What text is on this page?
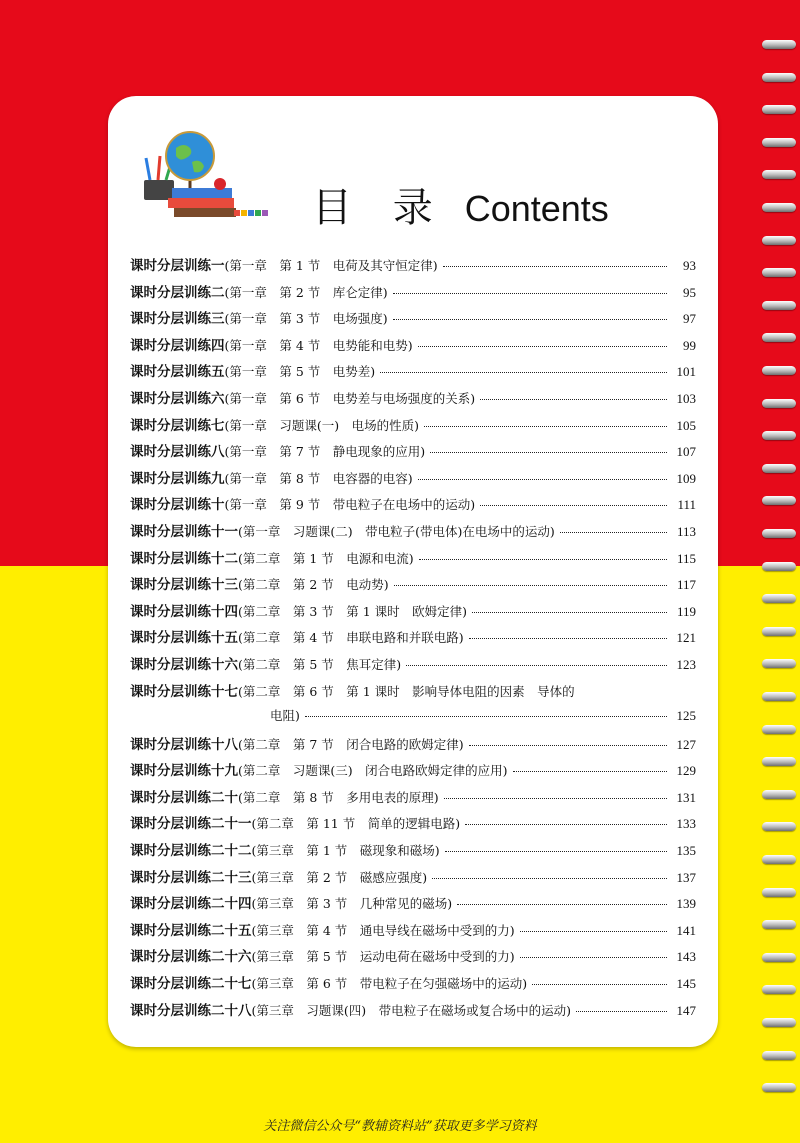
目 录 Contents
课时分层训练一 (第一章　第 1 节　电荷及其守恒定律)	93
课时分层训练二 (第一章　第 2 节　库仑定律)	95
课时分层训练三 (第一章　第 3 节　电场强度)	97
课时分层训练四 (第一章　第 4 节　电势能和电势)	99
课时分层训练五 (第一章　第 5 节　电势差)	101
课时分层训练六 (第一章　第 6 节　电势差与电场强度的关系)	103
课时分层训练七 (第一章　习题课(一)　电场的性质)	105
课时分层训练八 (第一章　第 7 节　静电现象的应用)	107
课时分层训练九 (第一章　第 8 节　电容器的电容)	109
课时分层训练十 (第一章　第 9 节　带电粒子在电场中的运动)	111
课时分层训练十一 (第一章　习题课(二)　带电粒子(带电体)在电场中的运动)	113
课时分层训练十二 (第二章　第 1 节　电源和电流)	115
课时分层训练十三 (第二章　第 2 节　电动势)	117
课时分层训练十四 (第二章　第 3 节　第 1 课时　欧姆定律)	119
课时分层训练十五 (第二章　第 4 节　串联电路和并联电路)	121
课时分层训练十六 (第二章　第 5 节　焦耳定律)	123
课时分层训练十七 (第二章　第 6 节　第 1 课时　影响导体电阻的因素　导体的
电阻)	125
课时分层训练十八 (第二章　第 7 节　闭合电路的欧姆定律)	127
课时分层训练十九 (第二章　习题课(三)　闭合电路欧姆定律的应用)	129
课时分层训练二十 (第二章　第 8 节　多用电表的原理)	131
课时分层训练二十一 (第二章　第 11 节　简单的逻辑电路)	133
课时分层训练二十二 (第三章　第 1 节　磁现象和磁场)	135
课时分层训练二十三 (第三章　第 2 节　磁感应强度)	137
课时分层训练二十四 (第三章　第 3 节　几种常见的磁场)	139
课时分层训练二十五 (第三章　第 4 节　通电导线在磁场中受到的力)	141
课时分层训练二十六 (第三章　第 5 节　运动电荷在磁场中受到的力)	143
课时分层训练二十七 (第三章　第 6 节　带电粒子在匀强磁场中的运动)	145
课时分层训练二十八 (第三章　习题课(四)　带电粒子在磁场或复合场中的运动)	147
关注微信公众号“教辅资料站”获取更多学习资料
